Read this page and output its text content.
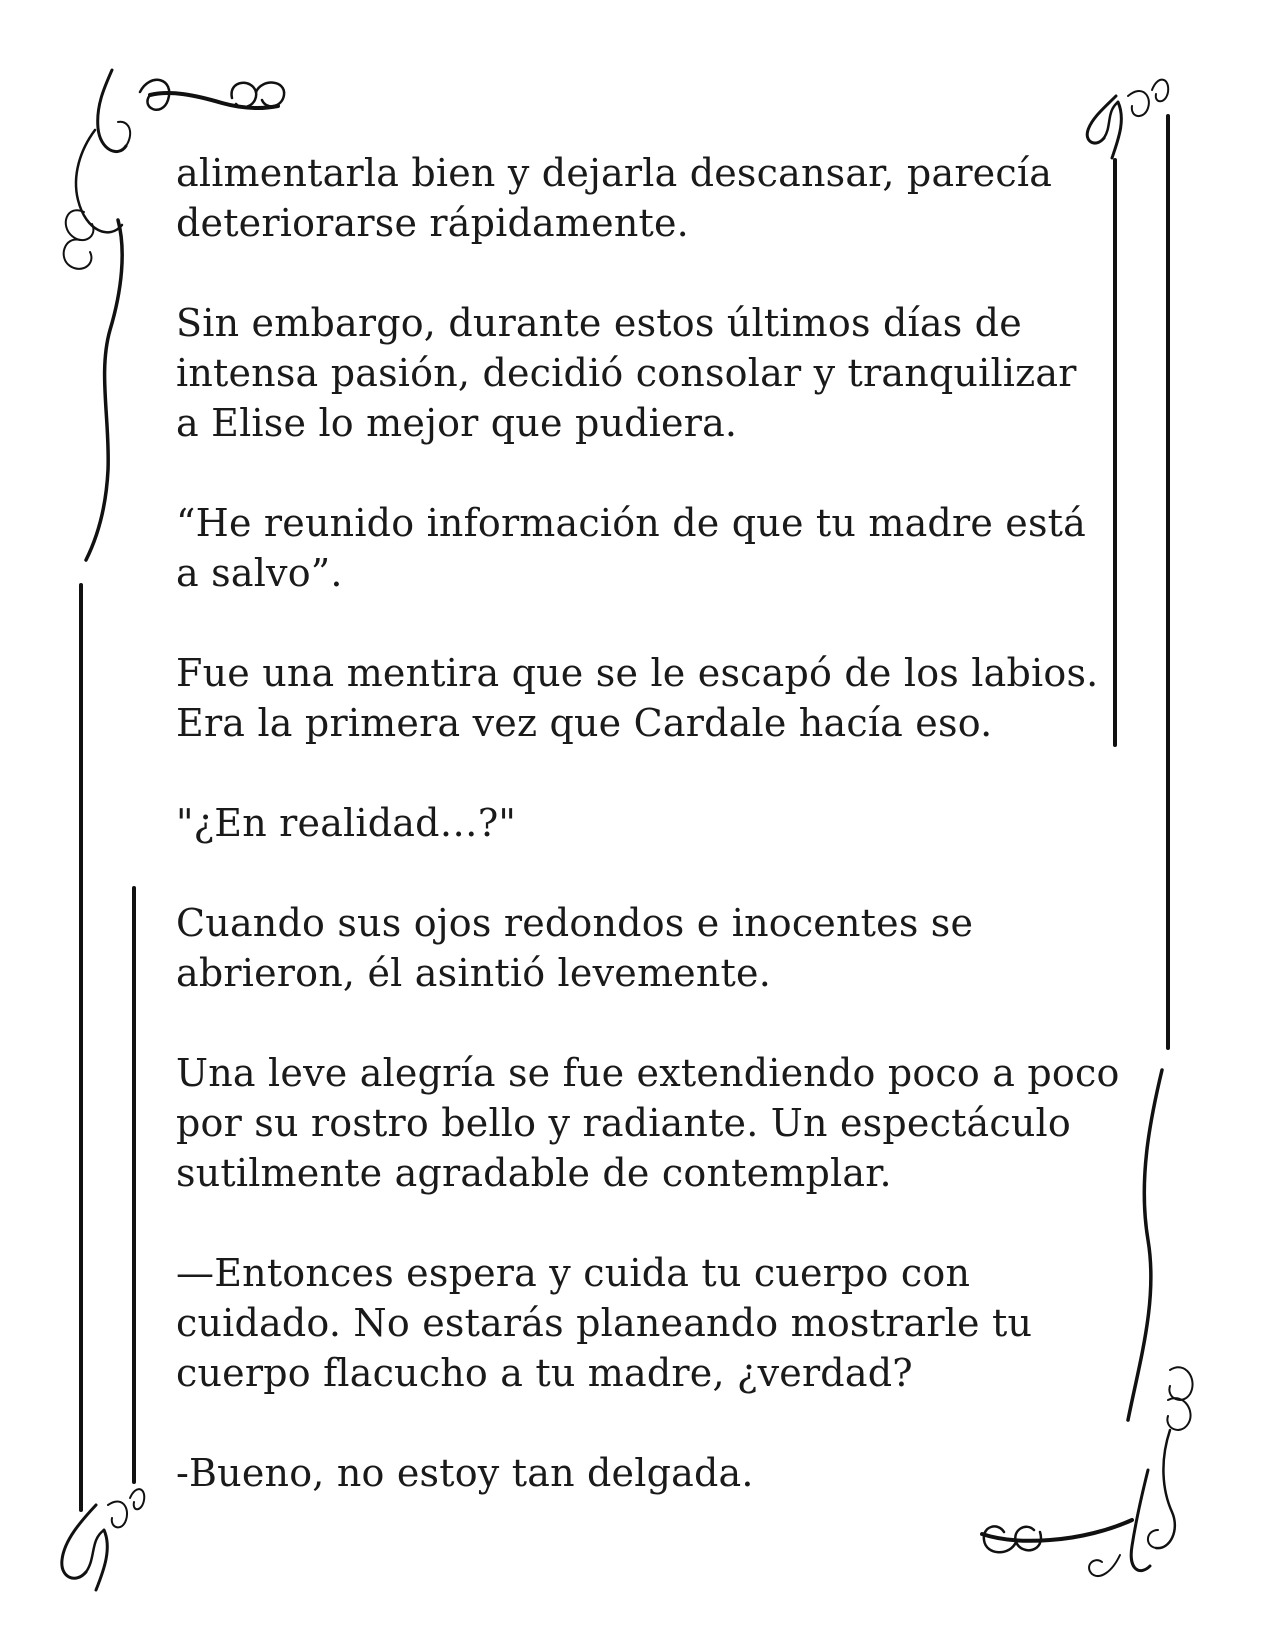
alimentarla bien y dejarla descansar, parecía
deteriorarse rápidamente.

Sin embargo, durante estos últimos días de
intensa pasión, decidió consolar y tranquilizar
a Elise lo mejor que pudiera.

“He reunido información de que tu madre está
a salvo”.

Fue una mentira que se le escapó de los labios.
Era la primera vez que Cardale hacía eso.

"¿En realidad…?"

Cuando sus ojos redondos e inocentes se
abrieron, él asintió levemente.

Una leve alegría se fue extendiendo poco a poco
por su rostro bello y radiante. Un espectáculo
sutilmente agradable de contemplar.

—Entonces espera y cuida tu cuerpo con
cuidado. No estarás planeando mostrarle tu
cuerpo flacucho a tu madre, ¿verdad?

-Bueno, no estoy tan delgada.
